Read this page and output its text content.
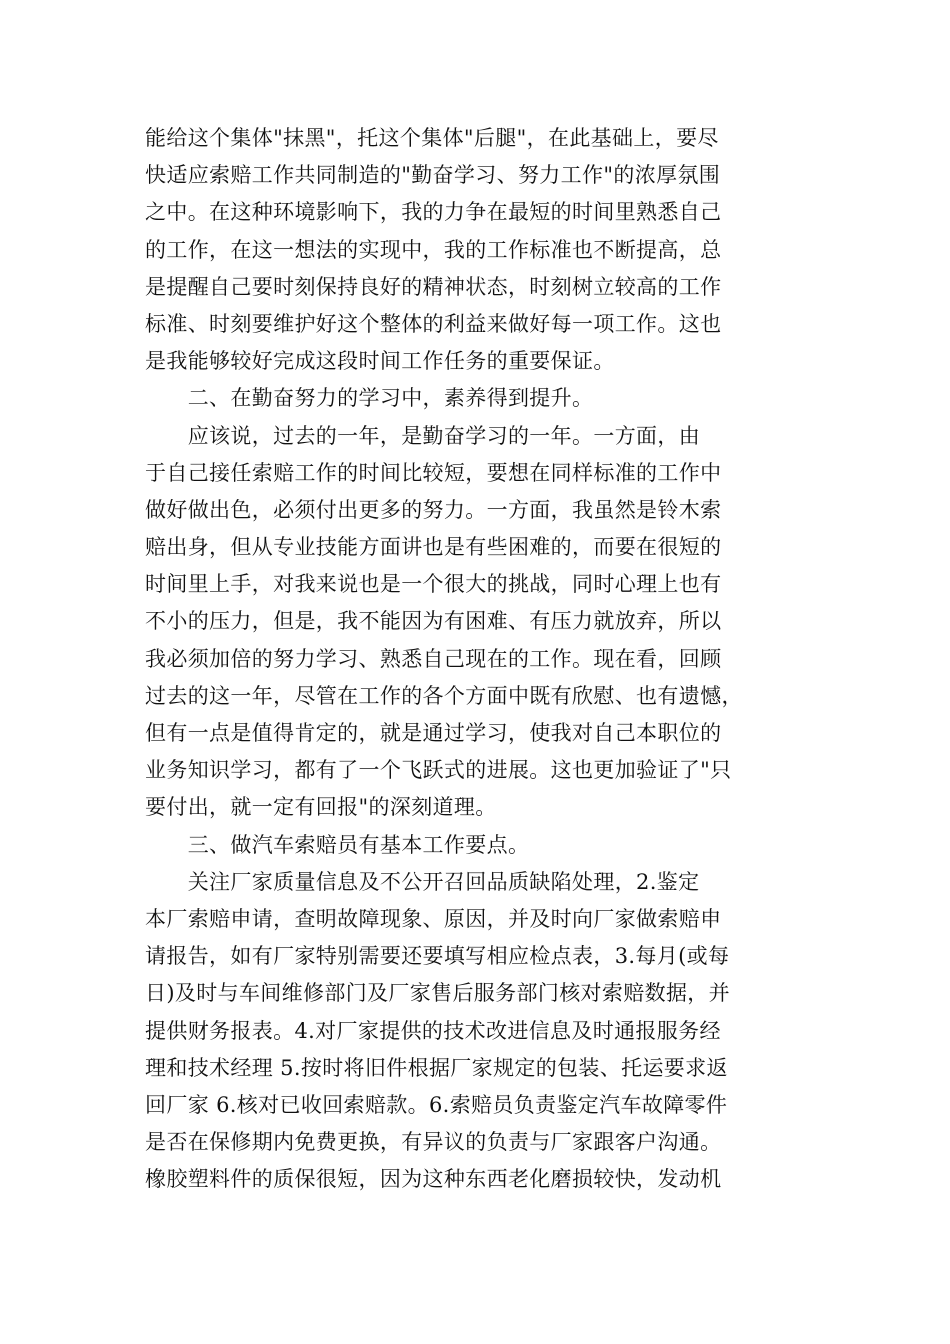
能给这个集体"抹黑"，托这个集体"后腿"，在此基础上，要尽
快适应索赔工作共同制造的"勤奋学习、努力工作"的浓厚氛围
之中。在这种环境影响下，我的力争在最短的时间里熟悉自己
的工作，在这一想法的实现中，我的工作标准也不断提高，总
是提醒自己要时刻保持良好的精神状态，时刻树立较高的工作
标准、时刻要维护好这个整体的利益来做好每一项工作。这也
是我能够较好完成这段时间工作任务的重要保证。
　　二、在勤奋努力的学习中，素养得到提升。
　　应该说，过去的一年，是勤奋学习的一年。一方面，由
于自己接任索赔工作的时间比较短，要想在同样标准的工作中
做好做出色，必须付出更多的努力。一方面，我虽然是铃木索
赔出身，但从专业技能方面讲也是有些困难的，而要在很短的
时间里上手，对我来说也是一个很大的挑战，同时心理上也有
不小的压力，但是，我不能因为有困难、有压力就放弃，所以
我必须加倍的努力学习、熟悉自己现在的工作。现在看，回顾
过去的这一年，尽管在工作的各个方面中既有欣慰、也有遗憾，
但有一点是值得肯定的，就是通过学习，使我对自己本职位的
业务知识学习，都有了一个飞跃式的进展。这也更加验证了"只
要付出，就一定有回报"的深刻道理。
　　三、做汽车索赔员有基本工作要点。
　　关注厂家质量信息及不公开召回品质缺陷处理，2.鉴定
本厂索赔申请，查明故障现象、原因，并及时向厂家做索赔申
请报告，如有厂家特别需要还要填写相应检点表，3.每月(或每
日)及时与车间维修部门及厂家售后服务部门核对索赔数据，并
提供财务报表。4.对厂家提供的技术改进信息及时通报服务经
理和技术经理 5.按时将旧件根据厂家规定的包装、托运要求返
回厂家 6.核对已收回索赔款。6.索赔员负责鉴定汽车故障零件
是否在保修期内免费更换，有异议的负责与厂家跟客户沟通。
橡胶塑料件的质保很短，因为这种东西老化磨损较快，发动机
